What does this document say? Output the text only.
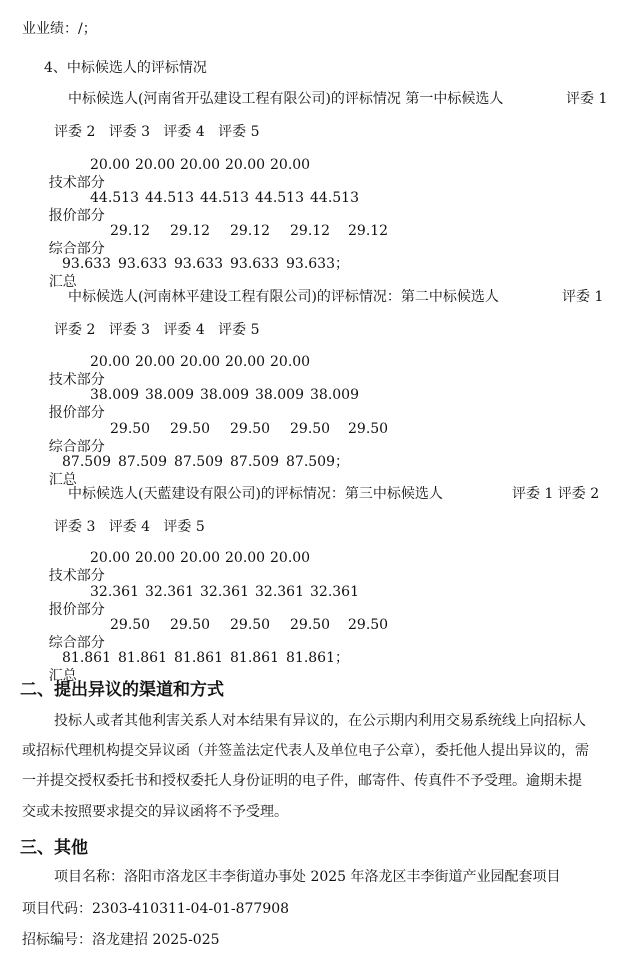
业业绩：/；
4、中标候选人的评标情况
中标候选人(河南省开弘建设工程有限公司)的评标情况 第一中标候选人	评委 1
评委 2   评委 3   评委 4   评委 5

技术部分

20.00 20.00 20.00 20.00 20.00

报价部分

44.513 44.513 44.513 44.513 44.513

综合部分

29.12 29.12 29.12 29.12 29.12

汇总

93.633 93.633 93.633 93.633 93.633；
中标候选人(河南林平建设工程有限公司)的评标情况：第二中标候选人	评委 1
评委 2   评委 3   评委 4   评委 5

技术部分

20.00 20.00 20.00 20.00 20.00

报价部分

38.009 38.009 38.009 38.009 38.009

综合部分

29.50 29.50 29.50 29.50 29.50

汇总

87.509 87.509 87.509 87.509 87.509；
中标候选人(天藍建设有限公司)的评标情况：第三中标候选人	评委 1 评委 2
评委 3   评委 4   评委 5

技术部分

20.00 20.00 20.00 20.00 20.00

报价部分

32.361 32.361 32.361 32.361 32.361

综合部分

29.50 29.50 29.50 29.50 29.50

汇总

81.861 81.861 81.861 81.861 81.861；
二、提出异议的渠道和方式
投标人或者其他利害关系人对本结果有异议的，在公示期内利用交易系统线上向招标人
或招标代理机构提交异议函（并签盖法定代表人及单位电子公章），委托他人提出异议的，需
一并提交授权委托书和授权委托人身份证明的电子件，邮寄件、传真件不予受理。逾期未提
交或未按照要求提交的异议函将不予受理。
三、其他
项目名称：洛阳市洛龙区丰李街道办事处 2025 年洛龙区丰李街道产业园配套项目
项目代码：2303-410311-04-01-877908
招标编号：洛龙建招 2025-025
